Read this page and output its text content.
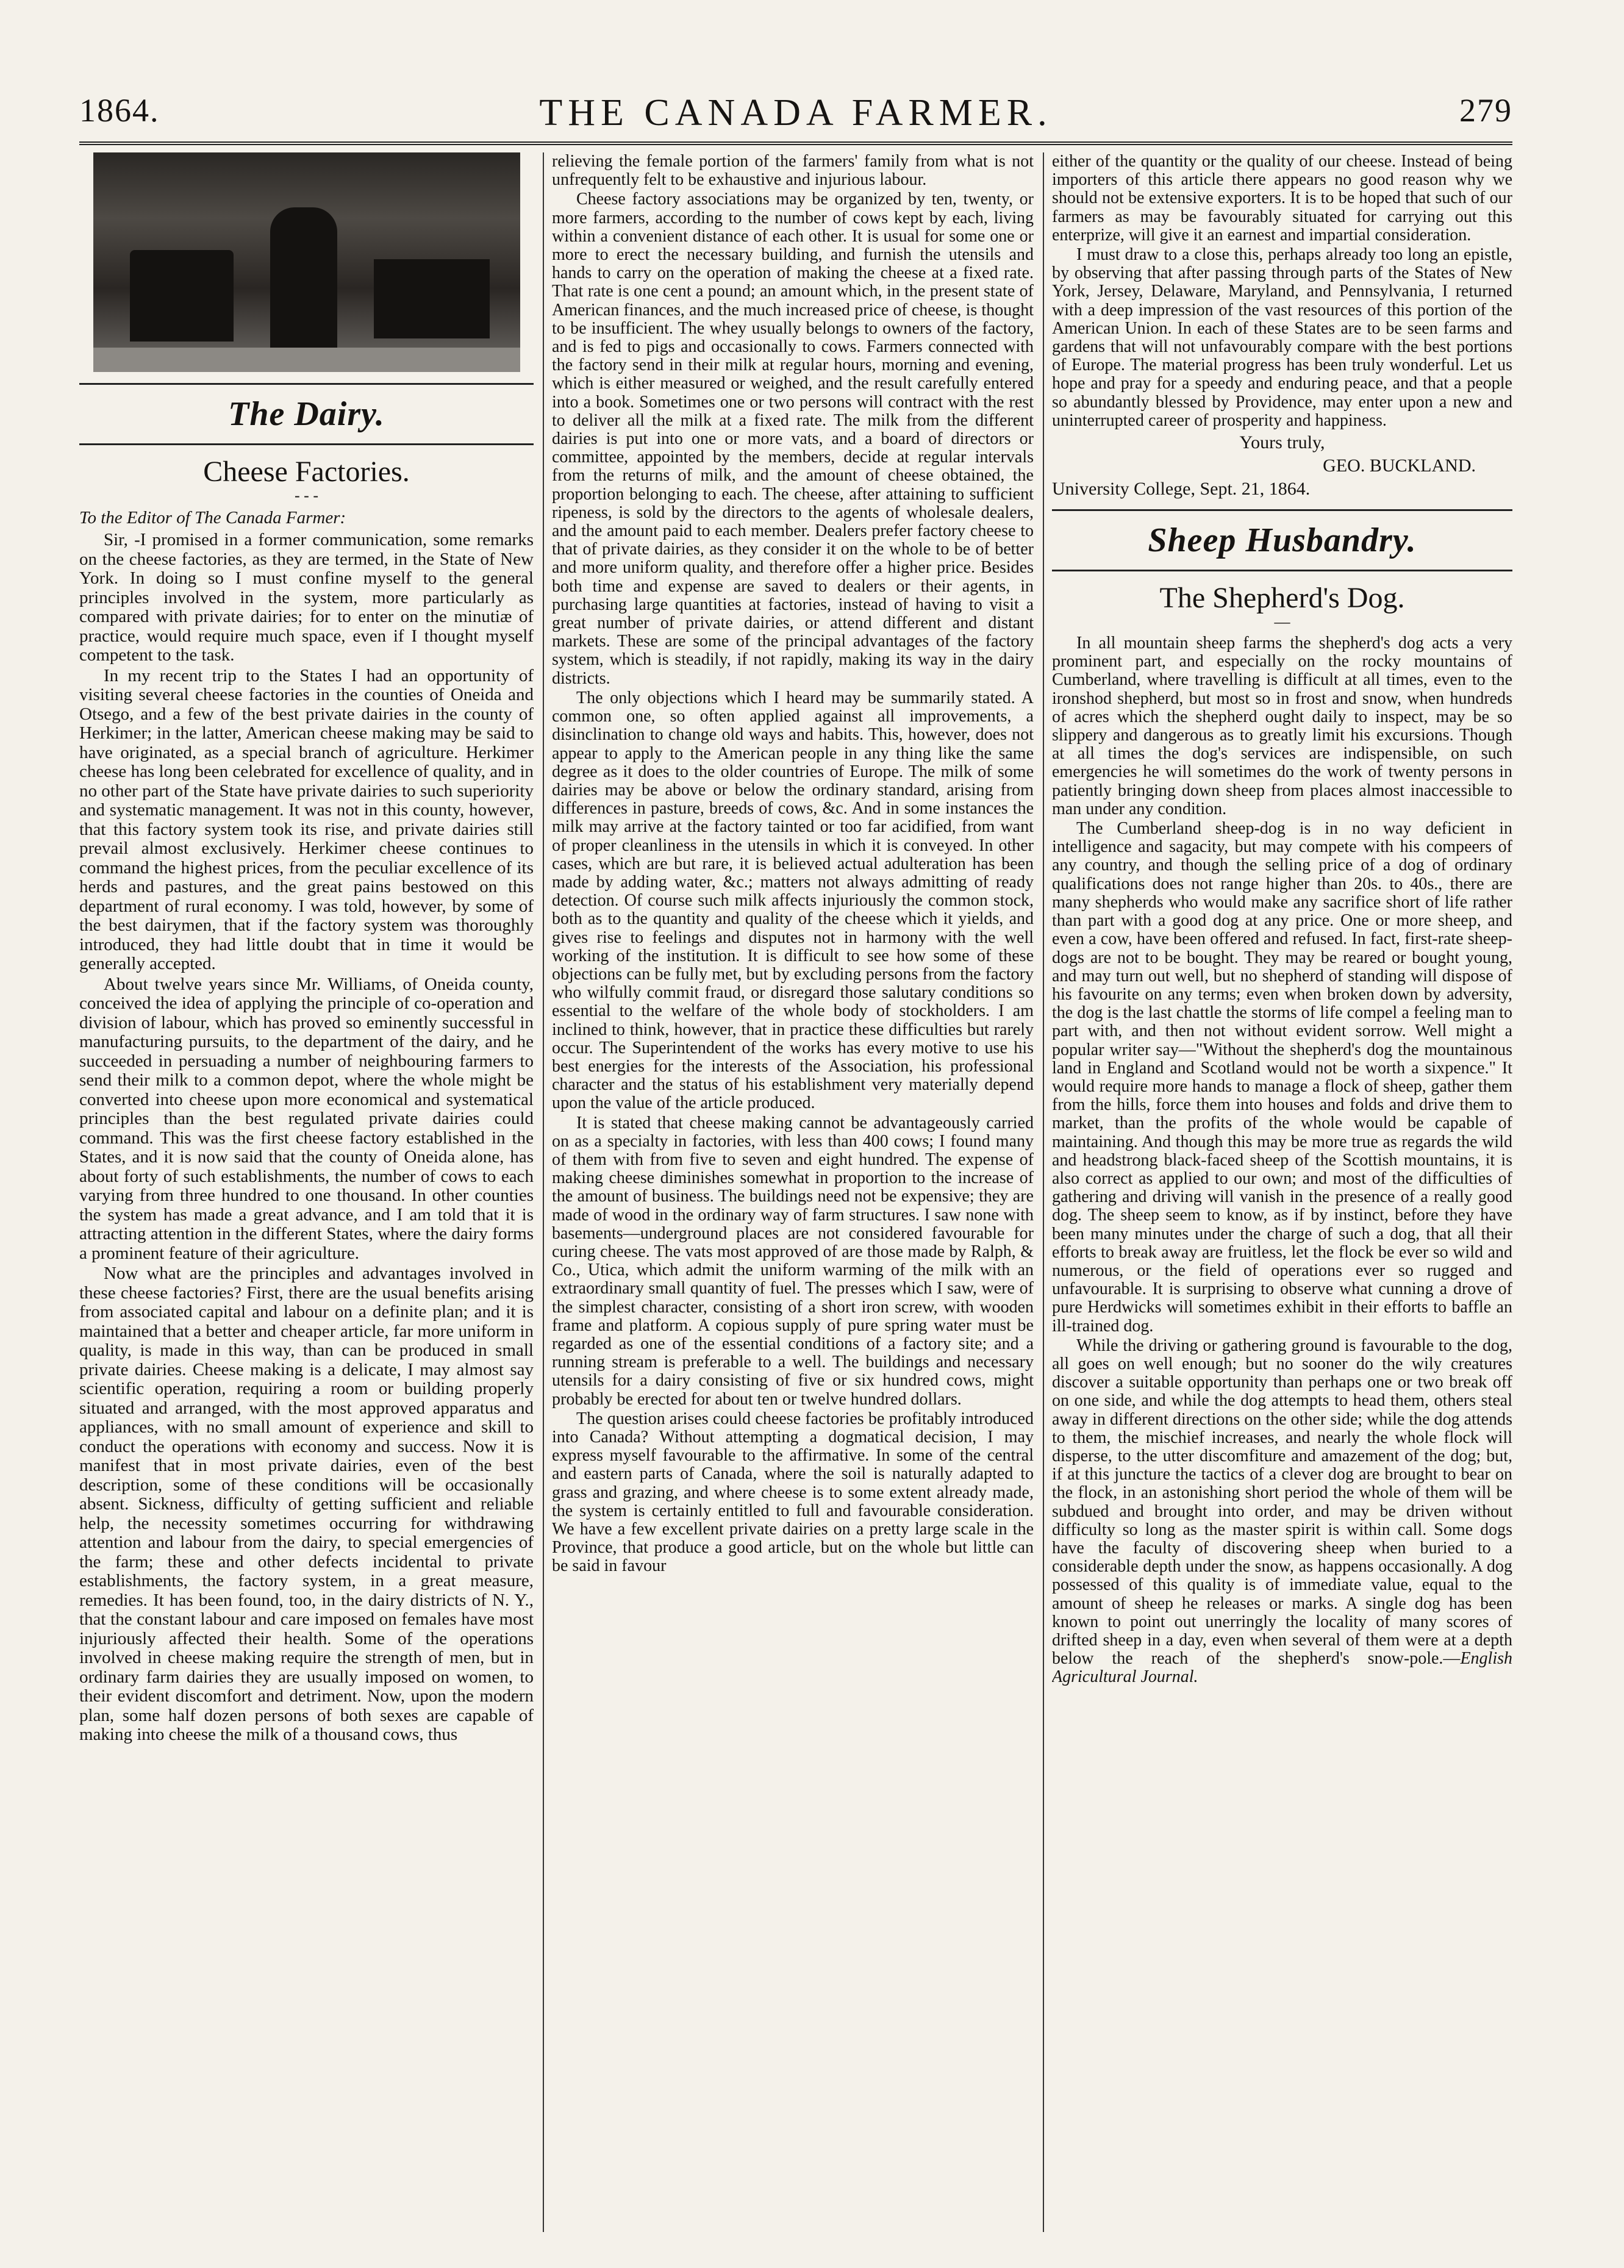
1864.	THE CANADA FARMER.	279
The Dairy.
Cheese Factories.
- - -
To the Editor of The Canada Farmer:

Sir, -I promised in a former communication, some remarks on the cheese factories, as they are termed, in the State of New York. In doing so I must confine myself to the general principles involved in the system, more particularly as compared with private dairies; for to enter on the minutiæ of practice, would require much space, even if I thought myself competent to the task.

In my recent trip to the States I had an opportunity of visiting several cheese factories in the counties of Oneida and Otsego, and a few of the best private dairies in the county of Herkimer; in the latter, American cheese making may be said to have originated, as a special branch of agriculture. Herkimer cheese has long been celebrated for excellence of quality, and in no other part of the State have private dairies to such superiority and systematic management. It was not in this county, however, that this factory system took its rise, and private dairies still prevail almost exclusively. Herkimer cheese continues to command the highest prices, from the peculiar excellence of its herds and pastures, and the great pains bestowed on this department of rural economy. I was told, however, by some of the best dairymen, that if the factory system was thoroughly introduced, they had little doubt that in time it would be generally accepted.

About twelve years since Mr. Williams, of Oneida county, conceived the idea of applying the principle of co-operation and division of labour, which has proved so eminently successful in manufacturing pursuits, to the department of the dairy, and he succeeded in persuading a number of neighbouring farmers to send their milk to a common depot, where the whole might be converted into cheese upon more economical and systematical principles than the best regulated private dairies could command. This was the first cheese factory established in the States, and it is now said that the county of Oneida alone, has about forty of such establishments, the number of cows to each varying from three hundred to one thousand. In other counties the system has made a great advance, and I am told that it is attracting attention in the different States, where the dairy forms a prominent feature of their agriculture.

Now what are the principles and advantages involved in these cheese factories? First, there are the usual benefits arising from associated capital and labour on a definite plan; and it is maintained that a better and cheaper article, far more uniform in quality, is made in this way, than can be produced in small private dairies. Cheese making is a delicate, I may almost say scientific operation, requiring a room or building properly situated and arranged, with the most approved apparatus and appliances, with no small amount of experience and skill to conduct the operations with economy and success. Now it is manifest that in most private dairies, even of the best description, some of these conditions will be occasionally absent. Sickness, difficulty of getting sufficient and reliable help, the necessity sometimes occurring for withdrawing attention and labour from the dairy, to special emergencies of the farm; these and other defects incidental to private establishments, the factory system, in a great measure, remedies. It has been found, too, in the dairy districts of N. Y., that the constant labour and care imposed on females have most injuriously affected their health. Some of the operations involved in cheese making require the strength of men, but in ordinary farm dairies they are usually imposed on women, to their evident discomfort and detriment. Now, upon the modern plan, some half dozen persons of both sexes are capable of making into cheese the milk of a thousand cows, thus

relieving the female portion of the farmers' family from what is not unfrequently felt to be exhaustive and injurious labour.

Cheese factory associations may be organized by ten, twenty, or more farmers, according to the number of cows kept by each, living within a convenient distance of each other. It is usual for some one or more to erect the necessary building, and furnish the utensils and hands to carry on the operation of making the cheese at a fixed rate. That rate is one cent a pound; an amount which, in the present state of American finances, and the much increased price of cheese, is thought to be insufficient. The whey usually belongs to owners of the factory, and is fed to pigs and occasionally to cows. Farmers connected with the factory send in their milk at regular hours, morning and evening, which is either measured or weighed, and the result carefully entered into a book. Sometimes one or two persons will contract with the rest to deliver all the milk at a fixed rate. The milk from the different dairies is put into one or more vats, and a board of directors or committee, appointed by the members, decide at regular intervals from the returns of milk, and the amount of cheese obtained, the proportion belonging to each. The cheese, after attaining to sufficient ripeness, is sold by the directors to the agents of wholesale dealers, and the amount paid to each member. Dealers prefer factory cheese to that of private dairies, as they consider it on the whole to be of better and more uniform quality, and therefore offer a higher price. Besides both time and expense are saved to dealers or their agents, in purchasing large quantities at factories, instead of having to visit a great number of private dairies, or attend different and distant markets. These are some of the principal advantages of the factory system, which is steadily, if not rapidly, making its way in the dairy districts.

The only objections which I heard may be summarily stated. A common one, so often applied against all improvements, a disinclination to change old ways and habits. This, however, does not appear to apply to the American people in any thing like the same degree as it does to the older countries of Europe. The milk of some dairies may be above or below the ordinary standard, arising from differences in pasture, breeds of cows, &c. And in some instances the milk may arrive at the factory tainted or too far acidified, from want of proper cleanliness in the utensils in which it is conveyed. In other cases, which are but rare, it is believed actual adulteration has been made by adding water, &c.; matters not always admitting of ready detection. Of course such milk affects injuriously the common stock, both as to the quantity and quality of the cheese which it yields, and gives rise to feelings and disputes not in harmony with the well working of the institution. It is difficult to see how some of these objections can be fully met, but by excluding persons from the factory who wilfully commit fraud, or disregard those salutary conditions so essential to the welfare of the whole body of stockholders. I am inclined to think, however, that in practice these difficulties but rarely occur. The Superintendent of the works has every motive to use his best energies for the interests of the Association, his professional character and the status of his establishment very materially depend upon the value of the article produced.

It is stated that cheese making cannot be advantageously carried on as a specialty in factories, with less than 400 cows; I found many of them with from five to seven and eight hundred. The expense of making cheese diminishes somewhat in proportion to the increase of the amount of business. The buildings need not be expensive; they are made of wood in the ordinary way of farm structures. I saw none with basements—underground places are not considered favourable for curing cheese. The vats most approved of are those made by Ralph, & Co., Utica, which admit the uniform warming of the milk with an extraordinary small quantity of fuel. The presses which I saw, were of the simplest character, consisting of a short iron screw, with wooden frame and platform. A copious supply of pure spring water must be regarded as one of the essential conditions of a factory site; and a running stream is preferable to a well. The buildings and necessary utensils for a dairy consisting of five or six hundred cows, might probably be erected for about ten or twelve hundred dollars.

The question arises could cheese factories be profitably introduced into Canada? Without attempting a dogmatical decision, I may express myself favourable to the affirmative. In some of the central and eastern parts of Canada, where the soil is naturally adapted to grass and grazing, and where cheese is to some extent already made, the system is certainly entitled to full and favourable consideration. We have a few excellent private dairies on a pretty large scale in the Province, that produce a good article, but on the whole but little can be said in favour

either of the quantity or the quality of our cheese. Instead of being importers of this article there appears no good reason why we should not be extensive exporters. It is to be hoped that such of our farmers as may be favourably situated for carrying out this enterprize, will give it an earnest and impartial consideration.

I must draw to a close this, perhaps already too long an epistle, by observing that after passing through parts of the States of New York, Jersey, Delaware, Maryland, and Pennsylvania, I returned with a deep impression of the vast resources of this portion of the American Union. In each of these States are to be seen farms and gardens that will not unfavourably compare with the best portions of Europe. The material progress has been truly wonderful. Let us hope and pray for a speedy and enduring peace, and that a people so abundantly blessed by Providence, may enter upon a new and uninterrupted career of prosperity and happiness.

Yours truly,
GEO. BUCKLAND.
University College, Sept. 21, 1864.
Sheep Husbandry.
The Shepherd's Dog.
—

In all mountain sheep farms the shepherd's dog acts a very prominent part, and especially on the rocky mountains of Cumberland, where travelling is difficult at all times, even to the ironshod shepherd, but most so in frost and snow, when hundreds of acres which the shepherd ought daily to inspect, may be so slippery and dangerous as to greatly limit his excursions. Though at all times the dog's services are indispensible, on such emergencies he will sometimes do the work of twenty persons in patiently bringing down sheep from places almost inaccessible to man under any condition.

The Cumberland sheep-dog is in no way deficient in intelligence and sagacity, but may compete with his compeers of any country, and though the selling price of a dog of ordinary qualifications does not range higher than 20s. to 40s., there are many shepherds who would make any sacrifice short of life rather than part with a good dog at any price. One or more sheep, and even a cow, have been offered and refused. In fact, first-rate sheep-dogs are not to be bought. They may be reared or bought young, and may turn out well, but no shepherd of standing will dispose of his favourite on any terms; even when broken down by adversity, the dog is the last chattle the storms of life compel a feeling man to part with, and then not without evident sorrow. Well might a popular writer say—"Without the shepherd's dog the mountainous land in England and Scotland would not be worth a sixpence." It would require more hands to manage a flock of sheep, gather them from the hills, force them into houses and folds and drive them to market, than the profits of the whole would be capable of maintaining. And though this may be more true as regards the wild and headstrong black-faced sheep of the Scottish mountains, it is also correct as applied to our own; and most of the difficulties of gathering and driving will vanish in the presence of a really good dog. The sheep seem to know, as if by instinct, before they have been many minutes under the charge of such a dog, that all their efforts to break away are fruitless, let the flock be ever so wild and numerous, or the field of operations ever so rugged and unfavourable. It is surprising to observe what cunning a drove of pure Herdwicks will sometimes exhibit in their efforts to baffle an ill-trained dog.

While the driving or gathering ground is favourable to the dog, all goes on well enough; but no sooner do the wily creatures discover a suitable opportunity than perhaps one or two break off on one side, and while the dog attempts to head them, others steal away in different directions on the other side; while the dog attends to them, the mischief increases, and nearly the whole flock will disperse, to the utter discomfiture and amazement of the dog; but, if at this juncture the tactics of a clever dog are brought to bear on the flock, in an astonishing short period the whole of them will be subdued and brought into order, and may be driven without difficulty so long as the master spirit is within call. Some dogs have the faculty of discovering sheep when buried to a considerable depth under the snow, as happens occasionally. A dog possessed of this quality is of immediate value, equal to the amount of sheep he releases or marks. A single dog has been known to point out unerringly the locality of many scores of drifted sheep in a day, even when several of them were at a depth below the reach of the shepherd's snow-pole.—English Agricultural Journal.
